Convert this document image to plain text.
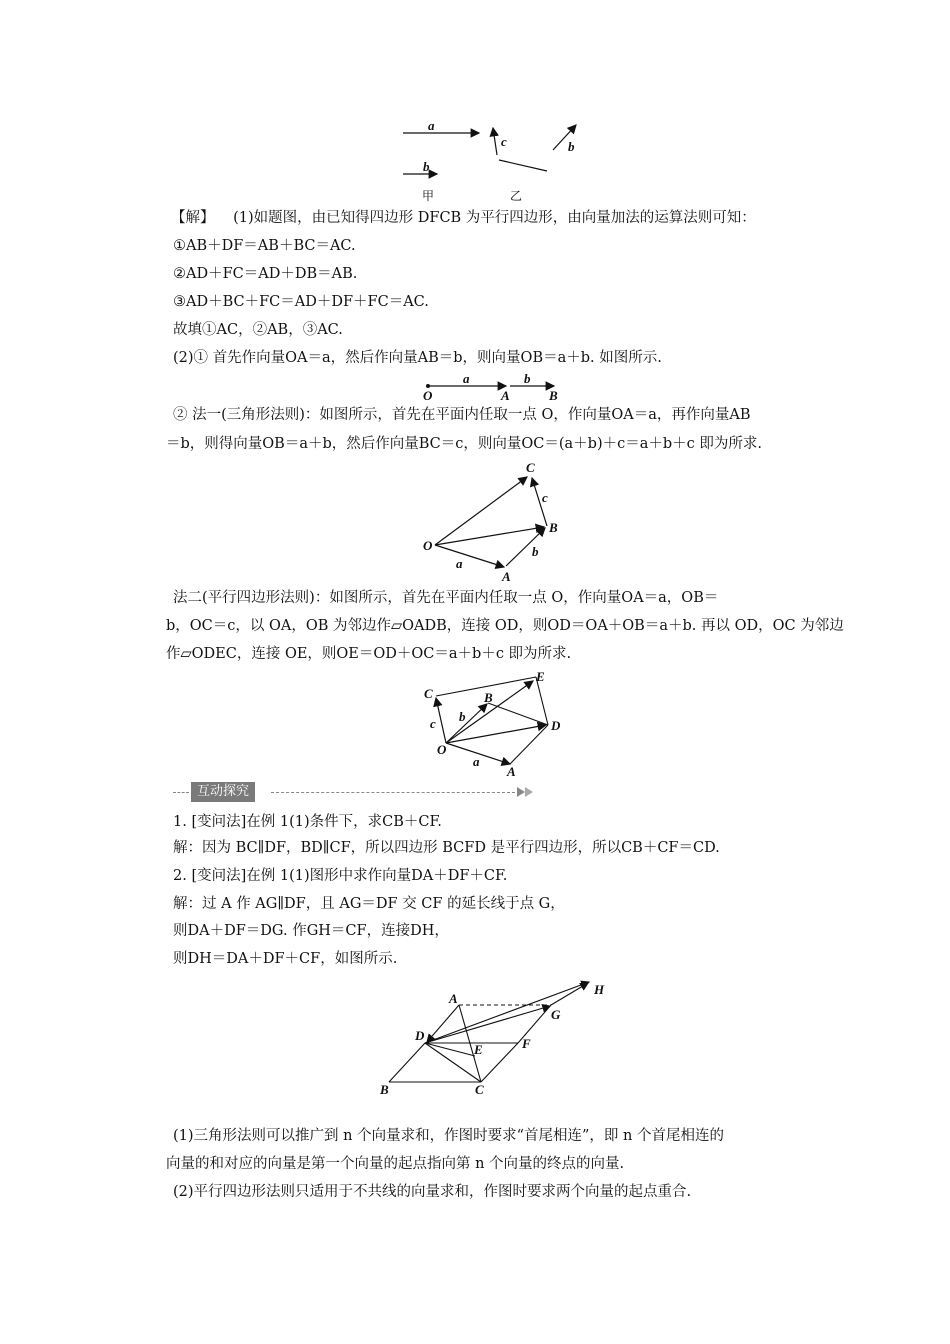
a
b
c	b
甲	乙
【解】 (1)如题图，由已知得四边形 DFCB 为平行四边形，由向量加法的运算法则可知：
①AB＋DF＝AB＋BC＝AC.
②AD＋FC＝AD＋DB＝AB.
③AD＋BC＋FC＝AD＋DF＋FC＝AC.
故填①AC，②AB，③AC.
(2)① 首先作向量OA＝a，然后作向量AB＝b，则向量OB＝a＋b. 如图所示.
a	b
O	A	B
② 法一(三角形法则)：如图所示，首先在平面内任取一点 O，作向量OA＝a，再作向量AB
＝b，则得向量OB＝a＋b，然后作向量BC＝c，则向量OC＝(a＋b)＋c＝a＋b＋c 即为所求.
C
B
O
A
a
b
c
法二(平行四边形法则)：如图所示，首先在平面内任取一点 O，作向量OA＝a，OB＝
b，OC＝c，以 OA，OB 为邻边作▱OADB，连接 OD，则OD＝OA＋OB＝a＋b. 再以 OD，OC 为邻边
作▱ODEC，连接 OE，则OE＝OD＋OC＝a＋b＋c 即为所求.
C	B
E
D
O
A
a
b
c
互动探究
1. [变问法]在例 1(1)条件下，求CB＋CF.
解：因为 BC∥DF，BD∥CF，所以四边形 BCFD 是平行四边形，所以CB＋CF＝CD.
2. [变问法]在例 1(1)图形中求作向量DA＋DF＋CF.
解：过 A 作 AG∥DF，且 AG＝DF 交 CF 的延长线于点 G，
则DA＋DF＝DG. 作GH＝CF，连接DH，
则DH＝DA＋DF＋CF，如图所示.
A
H
G
D
E	F
B	C
(1)三角形法则可以推广到 n 个向量求和，作图时要求“首尾相连”，即 n 个首尾相连的
向量的和对应的向量是第一个向量的起点指向第 n 个向量的终点的向量.
(2)平行四边形法则只适用于不共线的向量求和，作图时要求两个向量的起点重合.
